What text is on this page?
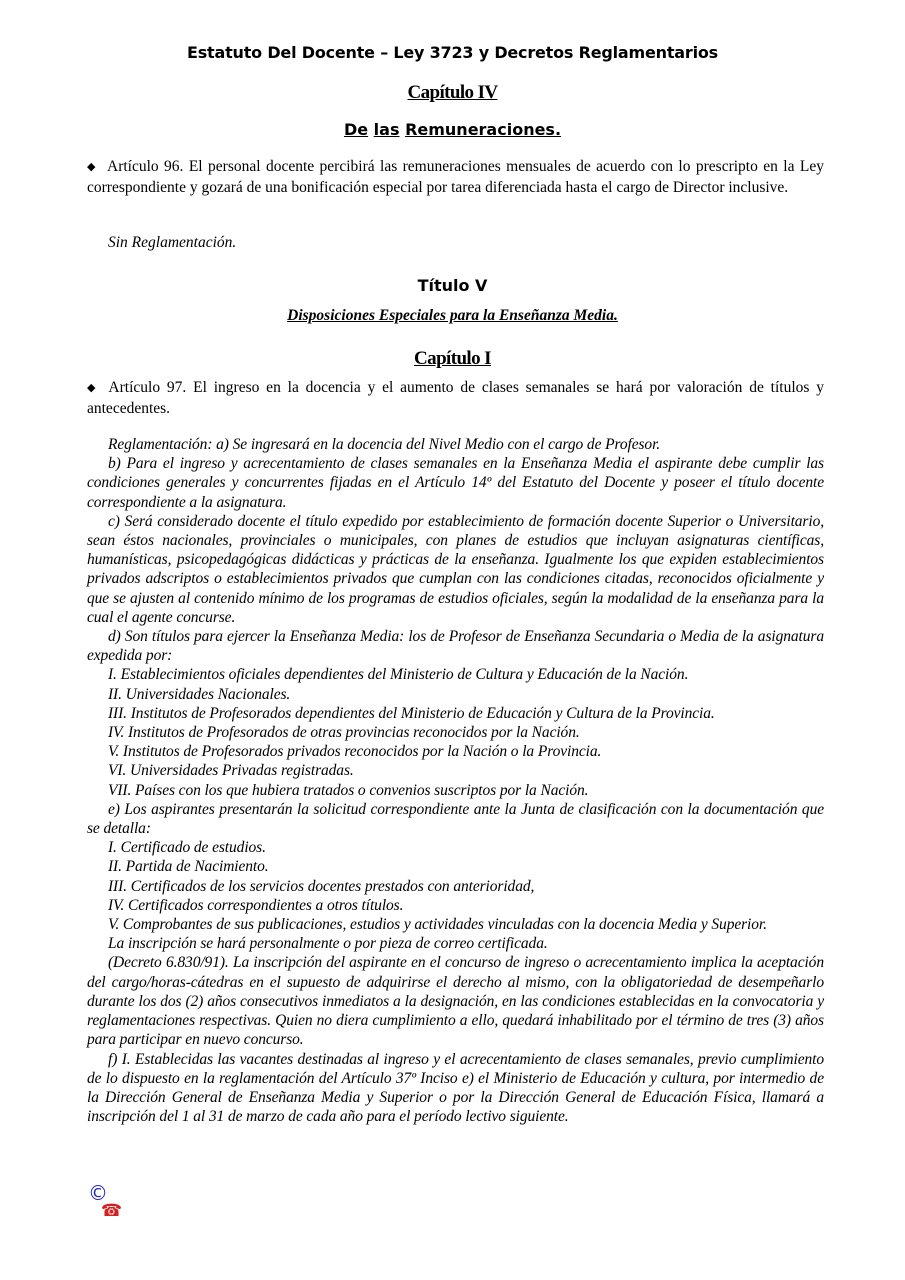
Estatuto Del Docente – Ley 3723 y Decretos Reglamentarios
Capítulo IV
De las Remuneraciones.
◆ Artículo 96. El personal docente percibirá las remuneraciones mensuales de acuerdo con lo prescripto en la Ley correspondiente y gozará de una bonificación especial por tarea diferenciada hasta el cargo de Director inclusive.
Sin Reglamentación.
Título V
Disposiciones Especiales para la Enseñanza Media.
Capítulo I
◆ Artículo 97. El ingreso en la docencia y el aumento de clases semanales se hará por valoración de títulos y antecedentes.

Reglamentación: a) Se ingresará en la docencia del Nivel Medio con el cargo de Profesor.

b) Para el ingreso y acrecentamiento de clases semanales en la Enseñanza Media el aspirante debe cumplir las condiciones generales y concurrentes fijadas en el Artículo 14º del Estatuto del Docente y poseer el título docente correspondiente a la asignatura.

c) Será considerado docente el título expedido por establecimiento de formación docente Superior o Universitario, sean éstos nacionales, provinciales o municipales, con planes de estudios que incluyan asignaturas científicas, humanísticas, psicopedagógicas didácticas y prácticas de la enseñanza. Igualmente los que expiden establecimientos privados adscriptos o establecimientos privados que cumplan con las condiciones citadas, reconocidos oficialmente y que se ajusten al contenido mínimo de los programas de estudios oficiales, según la modalidad de la enseñanza para la cual el agente concurse.

d) Son títulos para ejercer la Enseñanza Media: los de Profesor de Enseñanza Secundaria o Media de la asignatura expedida por:

I. Establecimientos oficiales dependientes del Ministerio de Cultura y Educación de la Nación.

II. Universidades Nacionales.

III. Institutos de Profesorados dependientes del Ministerio de Educación y Cultura de la Provincia.

IV. Institutos de Profesorados de otras provincias reconocidos por la Nación.

V. Institutos de Profesorados privados reconocidos por la Nación o la Provincia.

VI. Universidades Privadas registradas.

VII. Países con los que hubiera tratados o convenios suscriptos por la Nación.

e) Los aspirantes presentarán la solicitud correspondiente ante la Junta de clasificación con la documentación que se detalla:

I. Certificado de estudios.

II. Partida de Nacimiento.

III. Certificados de los servicios docentes prestados con anterioridad,

IV. Certificados correspondientes a otros títulos.

V. Comprobantes de sus publicaciones, estudios y actividades vinculadas con la docencia Media y Superior.

La inscripción se hará personalmente o por pieza de correo certificada.

(Decreto 6.830/91). La inscripción del aspirante en el concurso de ingreso o acrecentamiento implica la aceptación del cargo/horas-cátedras en el supuesto de adquirirse el derecho al mismo, con la obligatoriedad de desempeñarlo durante los dos (2) años consecutivos inmediatos a la designación, en las condiciones establecidas en la convocatoria y reglamentaciones respectivas. Quien no diera cumplimiento a ello, quedará inhabilitado por el término de tres (3) años para participar en nuevo concurso.

f) I. Establecidas las vacantes destinadas al ingreso y el acrecentamiento de clases semanales, previo cumplimiento de lo dispuesto en la reglamentación del Artículo 37º Inciso e) el Ministerio de Educación y cultura, por intermedio de la Dirección General de Enseñanza Media y Superior o por la Dirección General de Educación Física, llamará a inscripción del 1 al 31 de marzo de cada año para el período lectivo siguiente.

©
☎
